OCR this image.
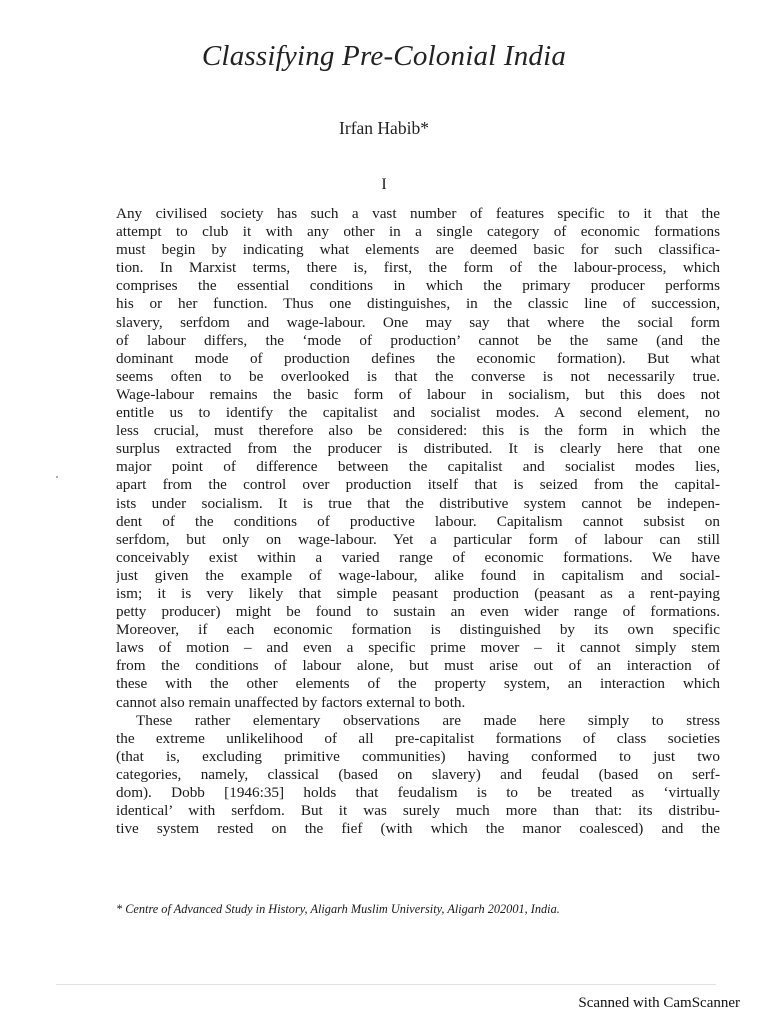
Classifying Pre-Colonial India
Irfan Habib*
I
Any civilised society has such a vast number of features specific to it that the
attempt to club it with any other in a single category of economic formations
must begin by indicating what elements are deemed basic for such classifica-
tion. In Marxist terms, there is, first, the form of the labour-process, which
comprises the essential conditions in which the primary producer performs
his or her function. Thus one distinguishes, in the classic line of succession,
slavery, serfdom and wage-labour. One may say that where the social form
of labour differs, the ‘mode of production’ cannot be the same (and the
dominant mode of production defines the economic formation). But what
seems often to be overlooked is that the converse is not necessarily true.
Wage-labour remains the basic form of labour in socialism, but this does not
entitle us to identify the capitalist and socialist modes. A second element, no
less crucial, must therefore also be considered: this is the form in which the
surplus extracted from the producer is distributed. It is clearly here that one
major point of difference between the capitalist and socialist modes lies,
apart from the control over production itself that is seized from the capital-
ists under socialism. It is true that the distributive system cannot be indepen-
dent of the conditions of productive labour. Capitalism cannot subsist on
serfdom, but only on wage-labour. Yet a particular form of labour can still
conceivably exist within a varied range of economic formations. We have
just given the example of wage-labour, alike found in capitalism and social-
ism; it is very likely that simple peasant production (peasant as a rent-paying
petty producer) might be found to sustain an even wider range of formations.
Moreover, if each economic formation is distinguished by its own specific
laws of motion – and even a specific prime mover – it cannot simply stem
from the conditions of labour alone, but must arise out of an interaction of
these with the other elements of the property system, an interaction which
cannot also remain unaffected by factors external to both.
These rather elementary observations are made here simply to stress
the extreme unlikelihood of all pre-capitalist formations of class societies
(that is, excluding primitive communities) having conformed to just two
categories, namely, classical (based on slavery) and feudal (based on serf-
dom). Dobb [1946:35] holds that feudalism is to be treated as ‘virtually
identical’ with serfdom. But it was surely much more than that: its distribu-
tive system rested on the fief (with which the manor coalesced) and the
* Centre of Advanced Study in History, Aligarh Muslim University, Aligarh 202001, India.
Scanned with CamScanner
